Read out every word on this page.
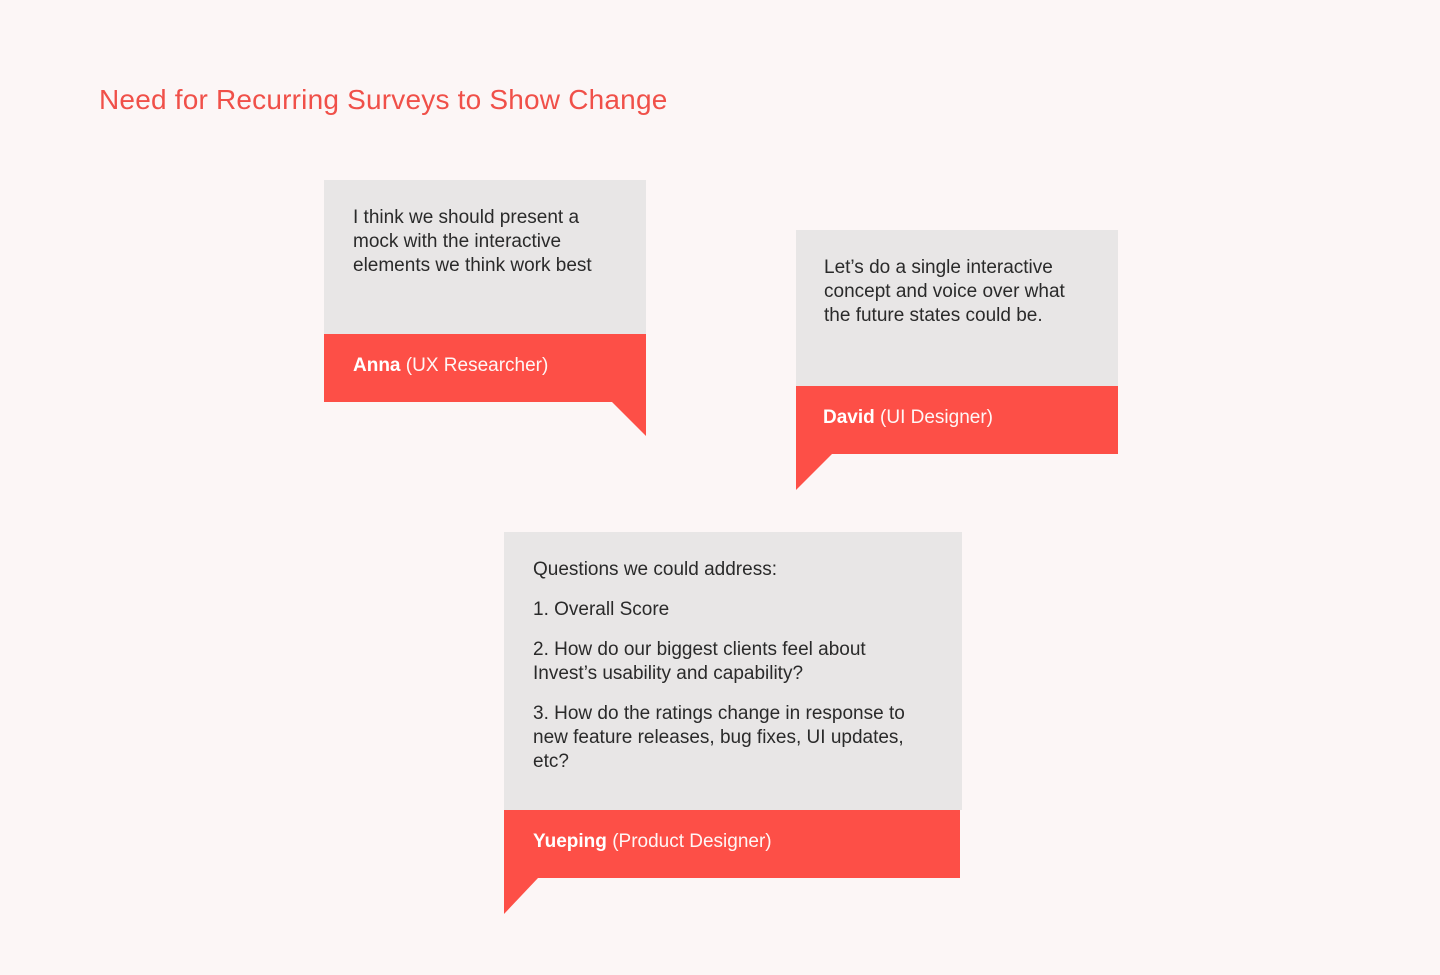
Need for Recurring Surveys to Show Change

I think we should present a mock with the interactive elements we think work best

Anna (UX Researcher)

Let’s do a single interactive concept and voice over what the future states could be.

David (UI Designer)

Questions we could address:

1. Overall Score

2. How do our biggest clients feel about Invest’s usability and capability?

3. How do the ratings change in response to new feature releases, bug fixes, UI updates, etc?

Yueping (Product Designer)
